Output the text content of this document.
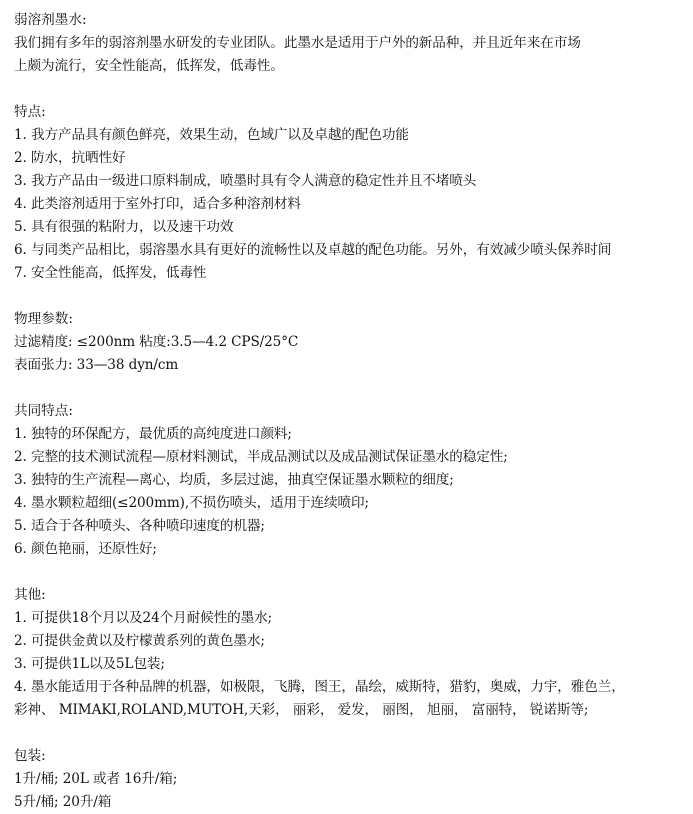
弱溶剂墨水:
我们拥有多年的弱溶剂墨水研发的专业团队。此墨水是适用于户外的新品种，并且近年来在市场
上颇为流行，安全性能高，低挥发，低毒性。
特点:
1. 我方产品具有颜色鲜亮，效果生动，色域广以及卓越的配色功能
2. 防水，抗晒性好
3. 我方产品由一级进口原料制成，喷墨时具有令人满意的稳定性并且不堵喷头
4. 此类溶剂适用于室外打印，适合多种溶剂材料
5. 具有很强的粘附力，以及速干功效
6. 与同类产品相比，弱溶墨水具有更好的流畅性以及卓越的配色功能。另外，有效减少喷头保养时间
7. 安全性能高，低挥发，低毒性
物理参数:
过滤精度: ≤200nm 粘度:3.5—4.2 CPS/25°C
表面张力: 33—38 dyn/cm
共同特点:
1. 独特的环保配方，最优质的高纯度进口颜料;
2. 完整的技术测试流程—原材料测试，半成品测试以及成品测试保证墨水的稳定性;
3. 独特的生产流程—离心，均质，多层过滤，抽真空保证墨水颗粒的细度;
4. 墨水颗粒超细(≤200mm),不损伤喷头，适用于连续喷印;
5. 适合于各种喷头、各种喷印速度的机器;
6. 颜色艳丽，还原性好;
其他:
1. 可提供18个月以及24个月耐候性的墨水;
2. 可提供金黄以及柠檬黄系列的黄色墨水;
3. 可提供1L以及5L包装;
4. 墨水能适用于各种品牌的机器，如极限，飞腾，图王，晶绘，威斯特，猎豹，奥威，力宇，雅色兰，
彩神、 MIMAKI,ROLAND,MUTOH,天彩， 丽彩， 爱发， 丽图， 旭丽， 富丽特， 锐诺斯等;
包装:
1升/桶; 20L 或者 16升/箱;
5升/桶; 20升/箱
